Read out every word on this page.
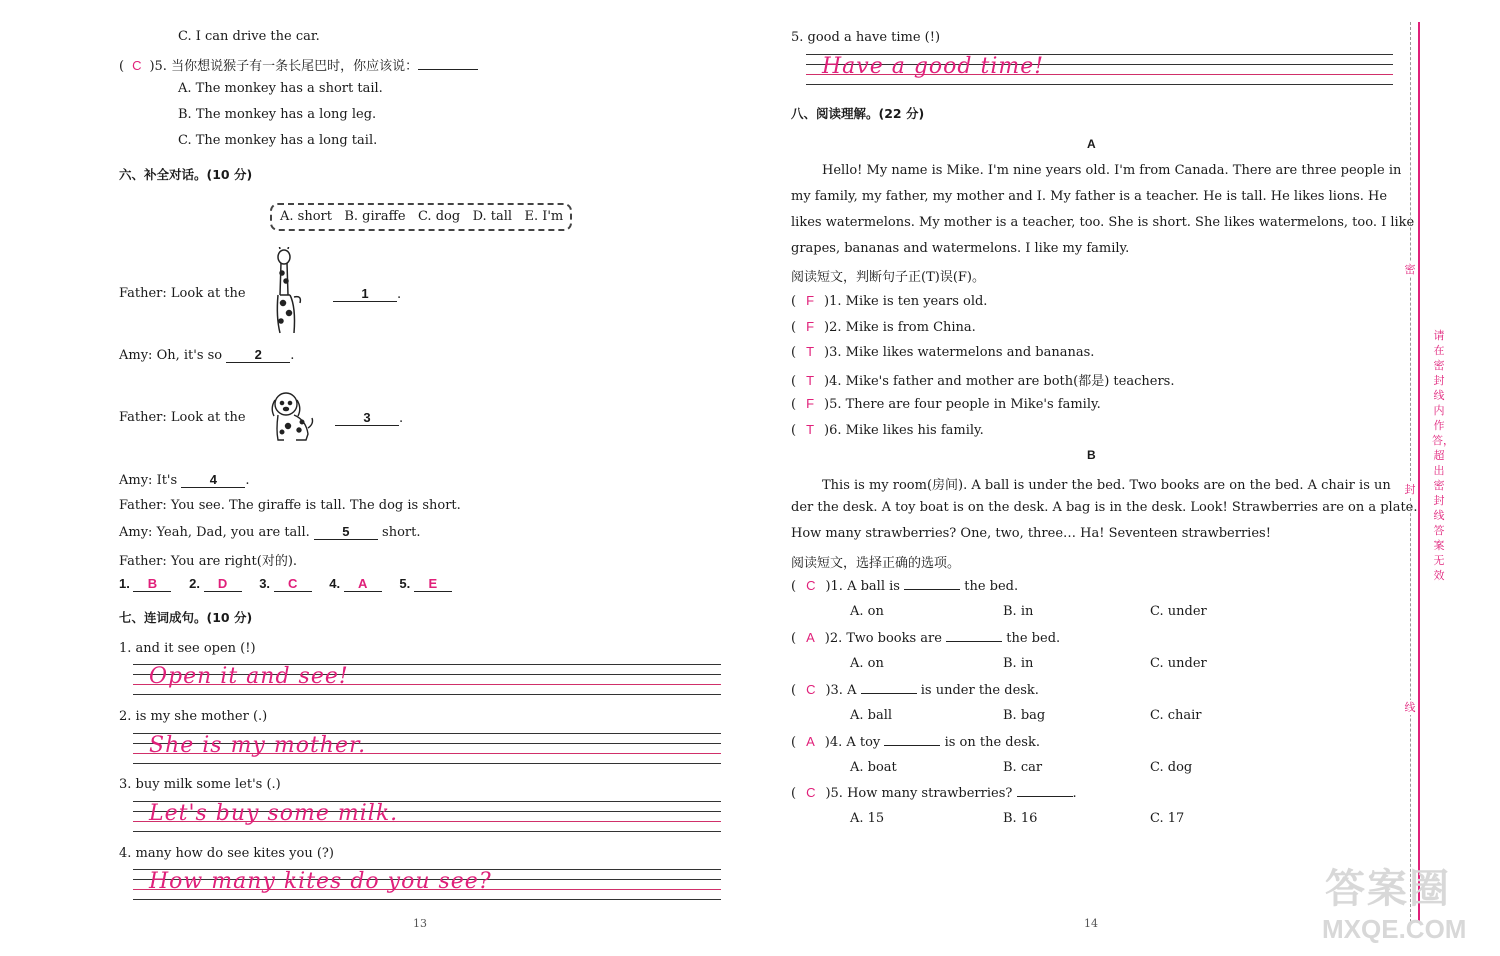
C. I can drive the car.
( C )5. 当你想说猴子有一条长尾巴时，你应该说：
A. The monkey has a short tail.
B. The monkey has a long leg.
C. The monkey has a long tail.
六、补全对话。(10 分)
A. short   B. giraffe   C. dog   D. tall   E. I'm
Father: Look at the	1 .
Amy: Oh, it's so	2 .
Father: Look at the	3 .
Amy: It's	4 .
Father: You see. The giraffe is tall. The dog is short.
Amy: Yeah, Dad, you are tall.	5	short.
Father: You are right(对的).
1. B 2. D 3. C 4. A 5. E
七、连词成句。(10 分)
1. and it see open (!)
Open it and see!
2. is my she mother (.)
She is my mother.
3. buy milk some let's (.)
Let's buy some milk.
4. many how do see kites you (?)
How many kites do you see?
13
5. good a have time (!)
Have a good time!
八、阅读理解。(22 分)
A
Hello! My name is Mike. I'm nine years old. I'm from Canada. There are three people in
my family, my father, my mother and I. My father is a teacher. He is tall. He likes lions. He
likes watermelons. My mother is a teacher, too. She is short. She likes watermelons, too. I like
grapes, bananas and watermelons. I like my family.
阅读短文，判断句子正(T)误(F)。
( F )1. Mike is ten years old.
( F )2. Mike is from China.
( T )3. Mike likes watermelons and bananas.
( T )4. Mike's father and mother are both(都是) teachers.
( F )5. There are four people in Mike's family.
( T )6. Mike likes his family.
B
This is my room(房间). A ball is under the bed. Two books are on the bed. A chair is un
der the desk. A toy boat is on the desk. A bag is in the desk. Look! Strawberries are on a plate.
How many strawberries? One, two, three… Ha! Seventeen strawberries!
阅读短文，选择正确的选项。
( C )1. A ball is	the bed.
A. on	B. in	C. under
( A )2. Two books are	the bed.
A. on	B. in	C. under
( C )3. A	is under the desk.
A. ball	B. bag	C. chair
( A )4. A toy	is on the desk.
A. boat	B. car	C. dog
( C )5. How many strawberries?	.
A. 15	B. 16	C. 17
14
密
封
线
请在密封线内作答，超出密封线答案无效
答案圈
MXQE.COM
